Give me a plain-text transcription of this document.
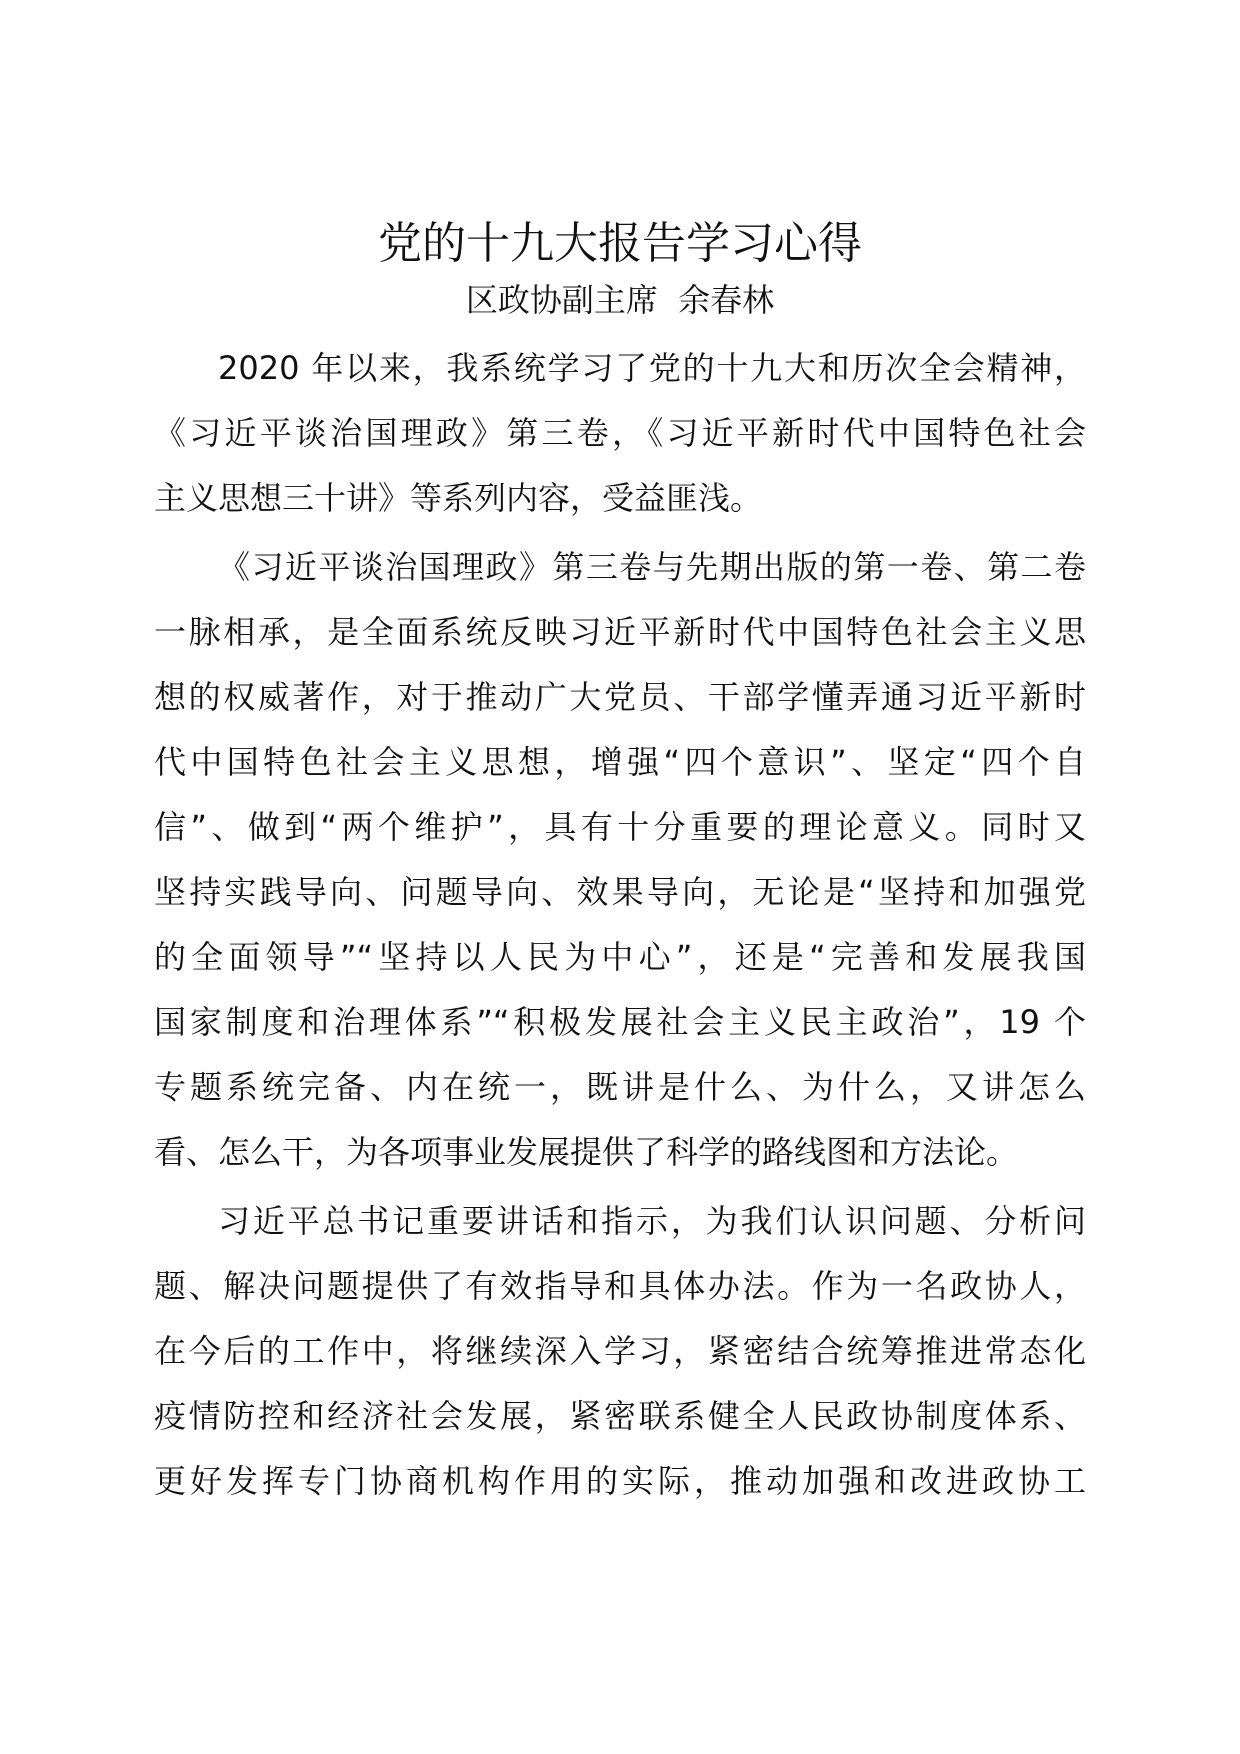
党的十九大报告学习心得
区政协副主席  余春林
2020 年以来，我系统学习了党的十九大和历次全会精神，
《习近平谈治国理政》第三卷，《习近平新时代中国特色社会
主义思想三十讲》等系列内容，受益匪浅。
《习近平谈治国理政》第三卷与先期出版的第一卷、第二卷
一脉相承，是全面系统反映习近平新时代中国特色社会主义思
想的权威著作，对于推动广大党员、干部学懂弄通习近平新时
代中国特色社会主义思想，增强“四个意识”、坚定“四个自
信”、做到“两个维护”，具有十分重要的理论意义。同时又
坚持实践导向、问题导向、效果导向，无论是“坚持和加强党
的全面领导”“坚持以人民为中心”，还是“完善和发展我国
国家制度和治理体系”“积极发展社会主义民主政治”，19 个
专题系统完备、内在统一，既讲是什么、为什么，又讲怎么
看、怎么干，为各项事业发展提供了科学的路线图和方法论。
习近平总书记重要讲话和指示，为我们认识问题、分析问
题、解决问题提供了有效指导和具体办法。作为一名政协人，
在今后的工作中，将继续深入学习，紧密结合统筹推进常态化
疫情防控和经济社会发展，紧密联系健全人民政协制度体系、
更好发挥专门协商机构作用的实际，推动加强和改进政协工
